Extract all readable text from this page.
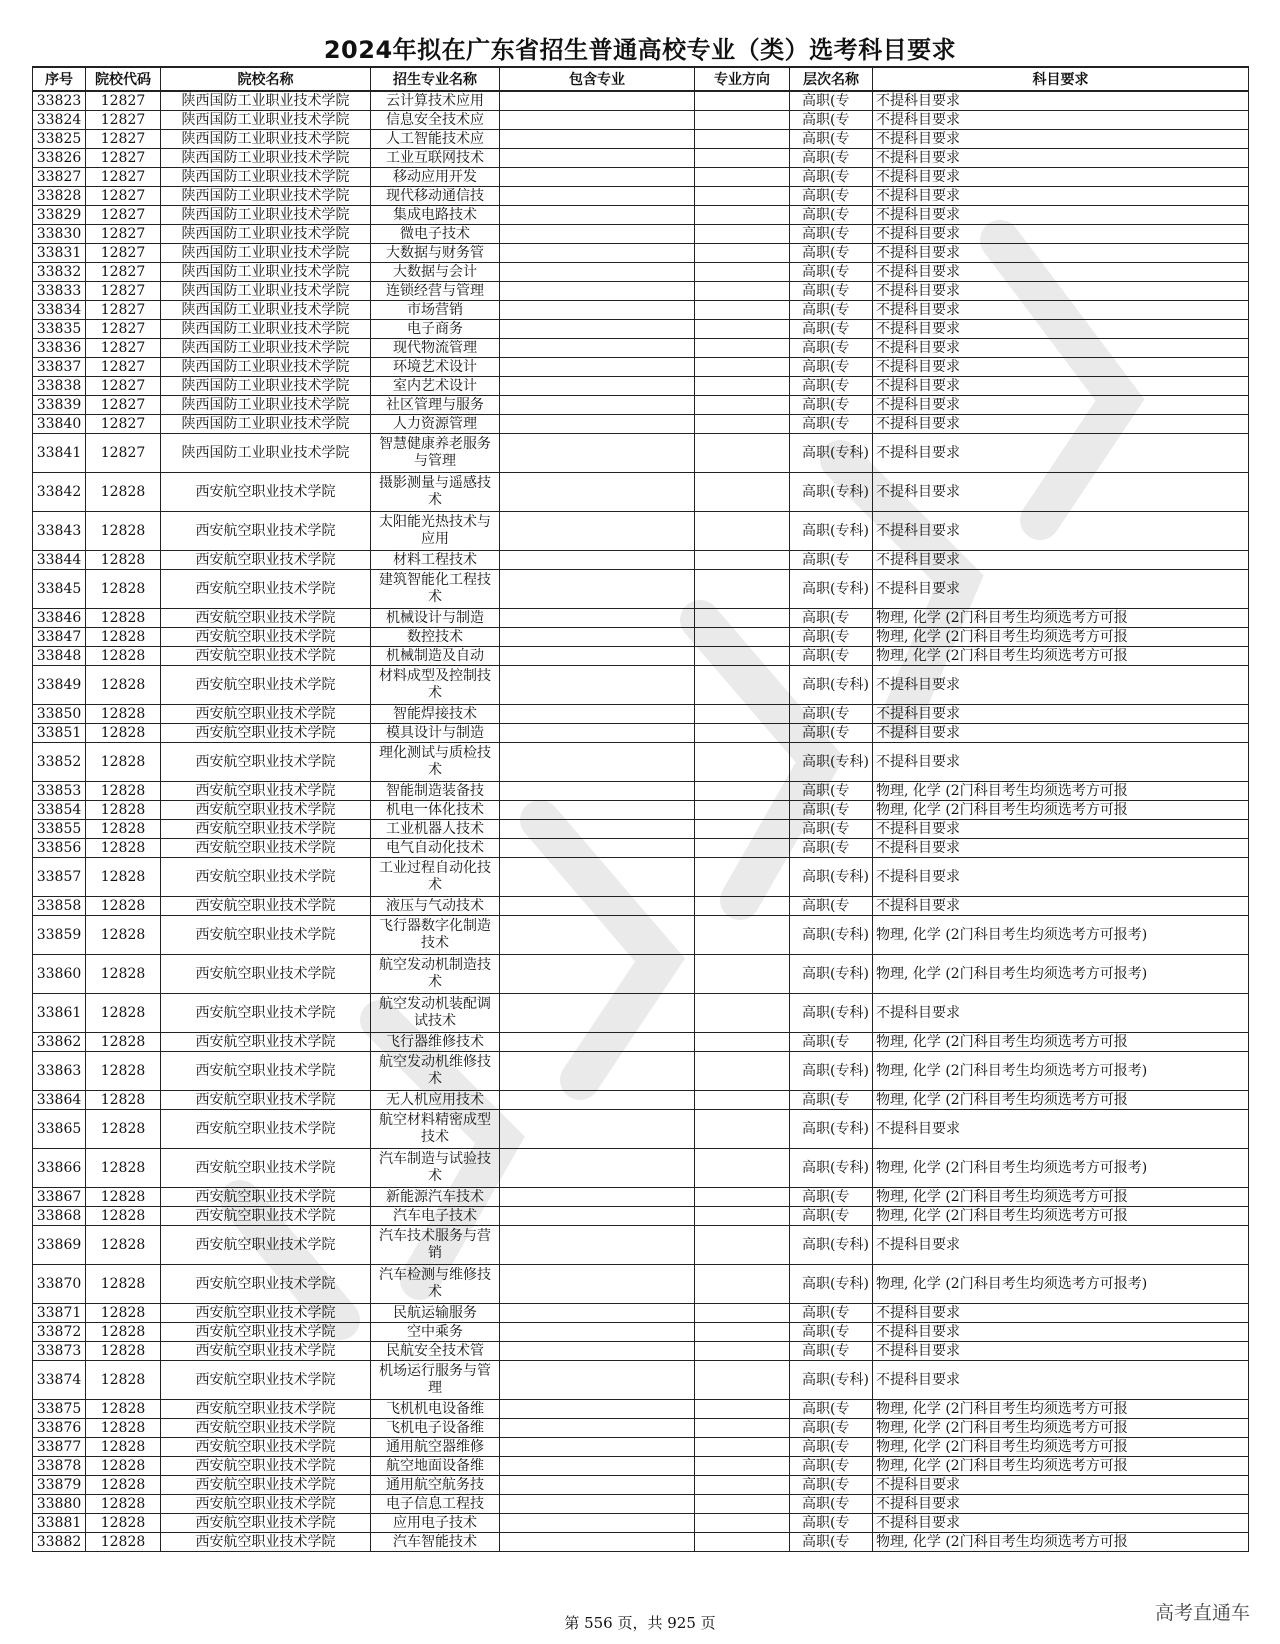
2024年拟在广东省招生普通高校专业（类）选考科目要求
序号	院校代码	院校名称	招生专业名称	包含专业	专业方向	层次名称	科目要求
33823	12827	陕西国防工业职业技术学院	云计算技术应用			高职(专	不提科目要求
33824	12827	陕西国防工业职业技术学院	信息安全技术应			高职(专	不提科目要求
33825	12827	陕西国防工业职业技术学院	人工智能技术应			高职(专	不提科目要求
33826	12827	陕西国防工业职业技术学院	工业互联网技术			高职(专	不提科目要求
33827	12827	陕西国防工业职业技术学院	移动应用开发			高职(专	不提科目要求
33828	12827	陕西国防工业职业技术学院	现代移动通信技			高职(专	不提科目要求
33829	12827	陕西国防工业职业技术学院	集成电路技术			高职(专	不提科目要求
33830	12827	陕西国防工业职业技术学院	微电子技术			高职(专	不提科目要求
33831	12827	陕西国防工业职业技术学院	大数据与财务管			高职(专	不提科目要求
33832	12827	陕西国防工业职业技术学院	大数据与会计			高职(专	不提科目要求
33833	12827	陕西国防工业职业技术学院	连锁经营与管理			高职(专	不提科目要求
33834	12827	陕西国防工业职业技术学院	市场营销			高职(专	不提科目要求
33835	12827	陕西国防工业职业技术学院	电子商务			高职(专	不提科目要求
33836	12827	陕西国防工业职业技术学院	现代物流管理			高职(专	不提科目要求
33837	12827	陕西国防工业职业技术学院	环境艺术设计			高职(专	不提科目要求
33838	12827	陕西国防工业职业技术学院	室内艺术设计			高职(专	不提科目要求
33839	12827	陕西国防工业职业技术学院	社区管理与服务			高职(专	不提科目要求
33840	12827	陕西国防工业职业技术学院	人力资源管理			高职(专	不提科目要求
33841	12827	陕西国防工业职业技术学院	智慧健康养老服务与管理			高职(专科)	不提科目要求
33842	12828	西安航空职业技术学院	摄影测量与遥感技术			高职(专科)	不提科目要求
33843	12828	西安航空职业技术学院	太阳能光热技术与应用			高职(专科)	不提科目要求
33844	12828	西安航空职业技术学院	材料工程技术			高职(专	不提科目要求
33845	12828	西安航空职业技术学院	建筑智能化工程技术			高职(专科)	不提科目要求
33846	12828	西安航空职业技术学院	机械设计与制造			高职(专	物理, 化学 (2门科目考生均须选考方可报
33847	12828	西安航空职业技术学院	数控技术			高职(专	物理, 化学 (2门科目考生均须选考方可报
33848	12828	西安航空职业技术学院	机械制造及自动			高职(专	物理, 化学 (2门科目考生均须选考方可报
33849	12828	西安航空职业技术学院	材料成型及控制技术			高职(专科)	不提科目要求
33850	12828	西安航空职业技术学院	智能焊接技术			高职(专	不提科目要求
33851	12828	西安航空职业技术学院	模具设计与制造			高职(专	不提科目要求
33852	12828	西安航空职业技术学院	理化测试与质检技术			高职(专科)	不提科目要求
33853	12828	西安航空职业技术学院	智能制造装备技			高职(专	物理, 化学 (2门科目考生均须选考方可报
33854	12828	西安航空职业技术学院	机电一体化技术			高职(专	物理, 化学 (2门科目考生均须选考方可报
33855	12828	西安航空职业技术学院	工业机器人技术			高职(专	不提科目要求
33856	12828	西安航空职业技术学院	电气自动化技术			高职(专	不提科目要求
33857	12828	西安航空职业技术学院	工业过程自动化技术			高职(专科)	不提科目要求
33858	12828	西安航空职业技术学院	液压与气动技术			高职(专	不提科目要求
33859	12828	西安航空职业技术学院	飞行器数字化制造技术			高职(专科)	物理, 化学 (2门科目考生均须选考方可报考)
33860	12828	西安航空职业技术学院	航空发动机制造技术			高职(专科)	物理, 化学 (2门科目考生均须选考方可报考)
33861	12828	西安航空职业技术学院	航空发动机装配调试技术			高职(专科)	不提科目要求
33862	12828	西安航空职业技术学院	飞行器维修技术			高职(专	物理, 化学 (2门科目考生均须选考方可报
33863	12828	西安航空职业技术学院	航空发动机维修技术			高职(专科)	物理, 化学 (2门科目考生均须选考方可报考)
33864	12828	西安航空职业技术学院	无人机应用技术			高职(专	物理, 化学 (2门科目考生均须选考方可报
33865	12828	西安航空职业技术学院	航空材料精密成型技术			高职(专科)	不提科目要求
33866	12828	西安航空职业技术学院	汽车制造与试验技术			高职(专科)	物理, 化学 (2门科目考生均须选考方可报考)
33867	12828	西安航空职业技术学院	新能源汽车技术			高职(专	物理, 化学 (2门科目考生均须选考方可报
33868	12828	西安航空职业技术学院	汽车电子技术			高职(专	物理, 化学 (2门科目考生均须选考方可报
33869	12828	西安航空职业技术学院	汽车技术服务与营销			高职(专科)	不提科目要求
33870	12828	西安航空职业技术学院	汽车检测与维修技术			高职(专科)	物理, 化学 (2门科目考生均须选考方可报考)
33871	12828	西安航空职业技术学院	民航运输服务			高职(专	不提科目要求
33872	12828	西安航空职业技术学院	空中乘务			高职(专	不提科目要求
33873	12828	西安航空职业技术学院	民航安全技术管			高职(专	不提科目要求
33874	12828	西安航空职业技术学院	机场运行服务与管理			高职(专科)	不提科目要求
33875	12828	西安航空职业技术学院	飞机机电设备维			高职(专	物理, 化学 (2门科目考生均须选考方可报
33876	12828	西安航空职业技术学院	飞机电子设备维			高职(专	物理, 化学 (2门科目考生均须选考方可报
33877	12828	西安航空职业技术学院	通用航空器维修			高职(专	物理, 化学 (2门科目考生均须选考方可报
33878	12828	西安航空职业技术学院	航空地面设备维			高职(专	物理, 化学 (2门科目考生均须选考方可报
33879	12828	西安航空职业技术学院	通用航空航务技			高职(专	不提科目要求
33880	12828	西安航空职业技术学院	电子信息工程技			高职(专	不提科目要求
33881	12828	西安航空职业技术学院	应用电子技术			高职(专	不提科目要求
33882	12828	西安航空职业技术学院	汽车智能技术			高职(专	物理, 化学 (2门科目考生均须选考方可报
第 556 页，共 925 页	高考直通车
